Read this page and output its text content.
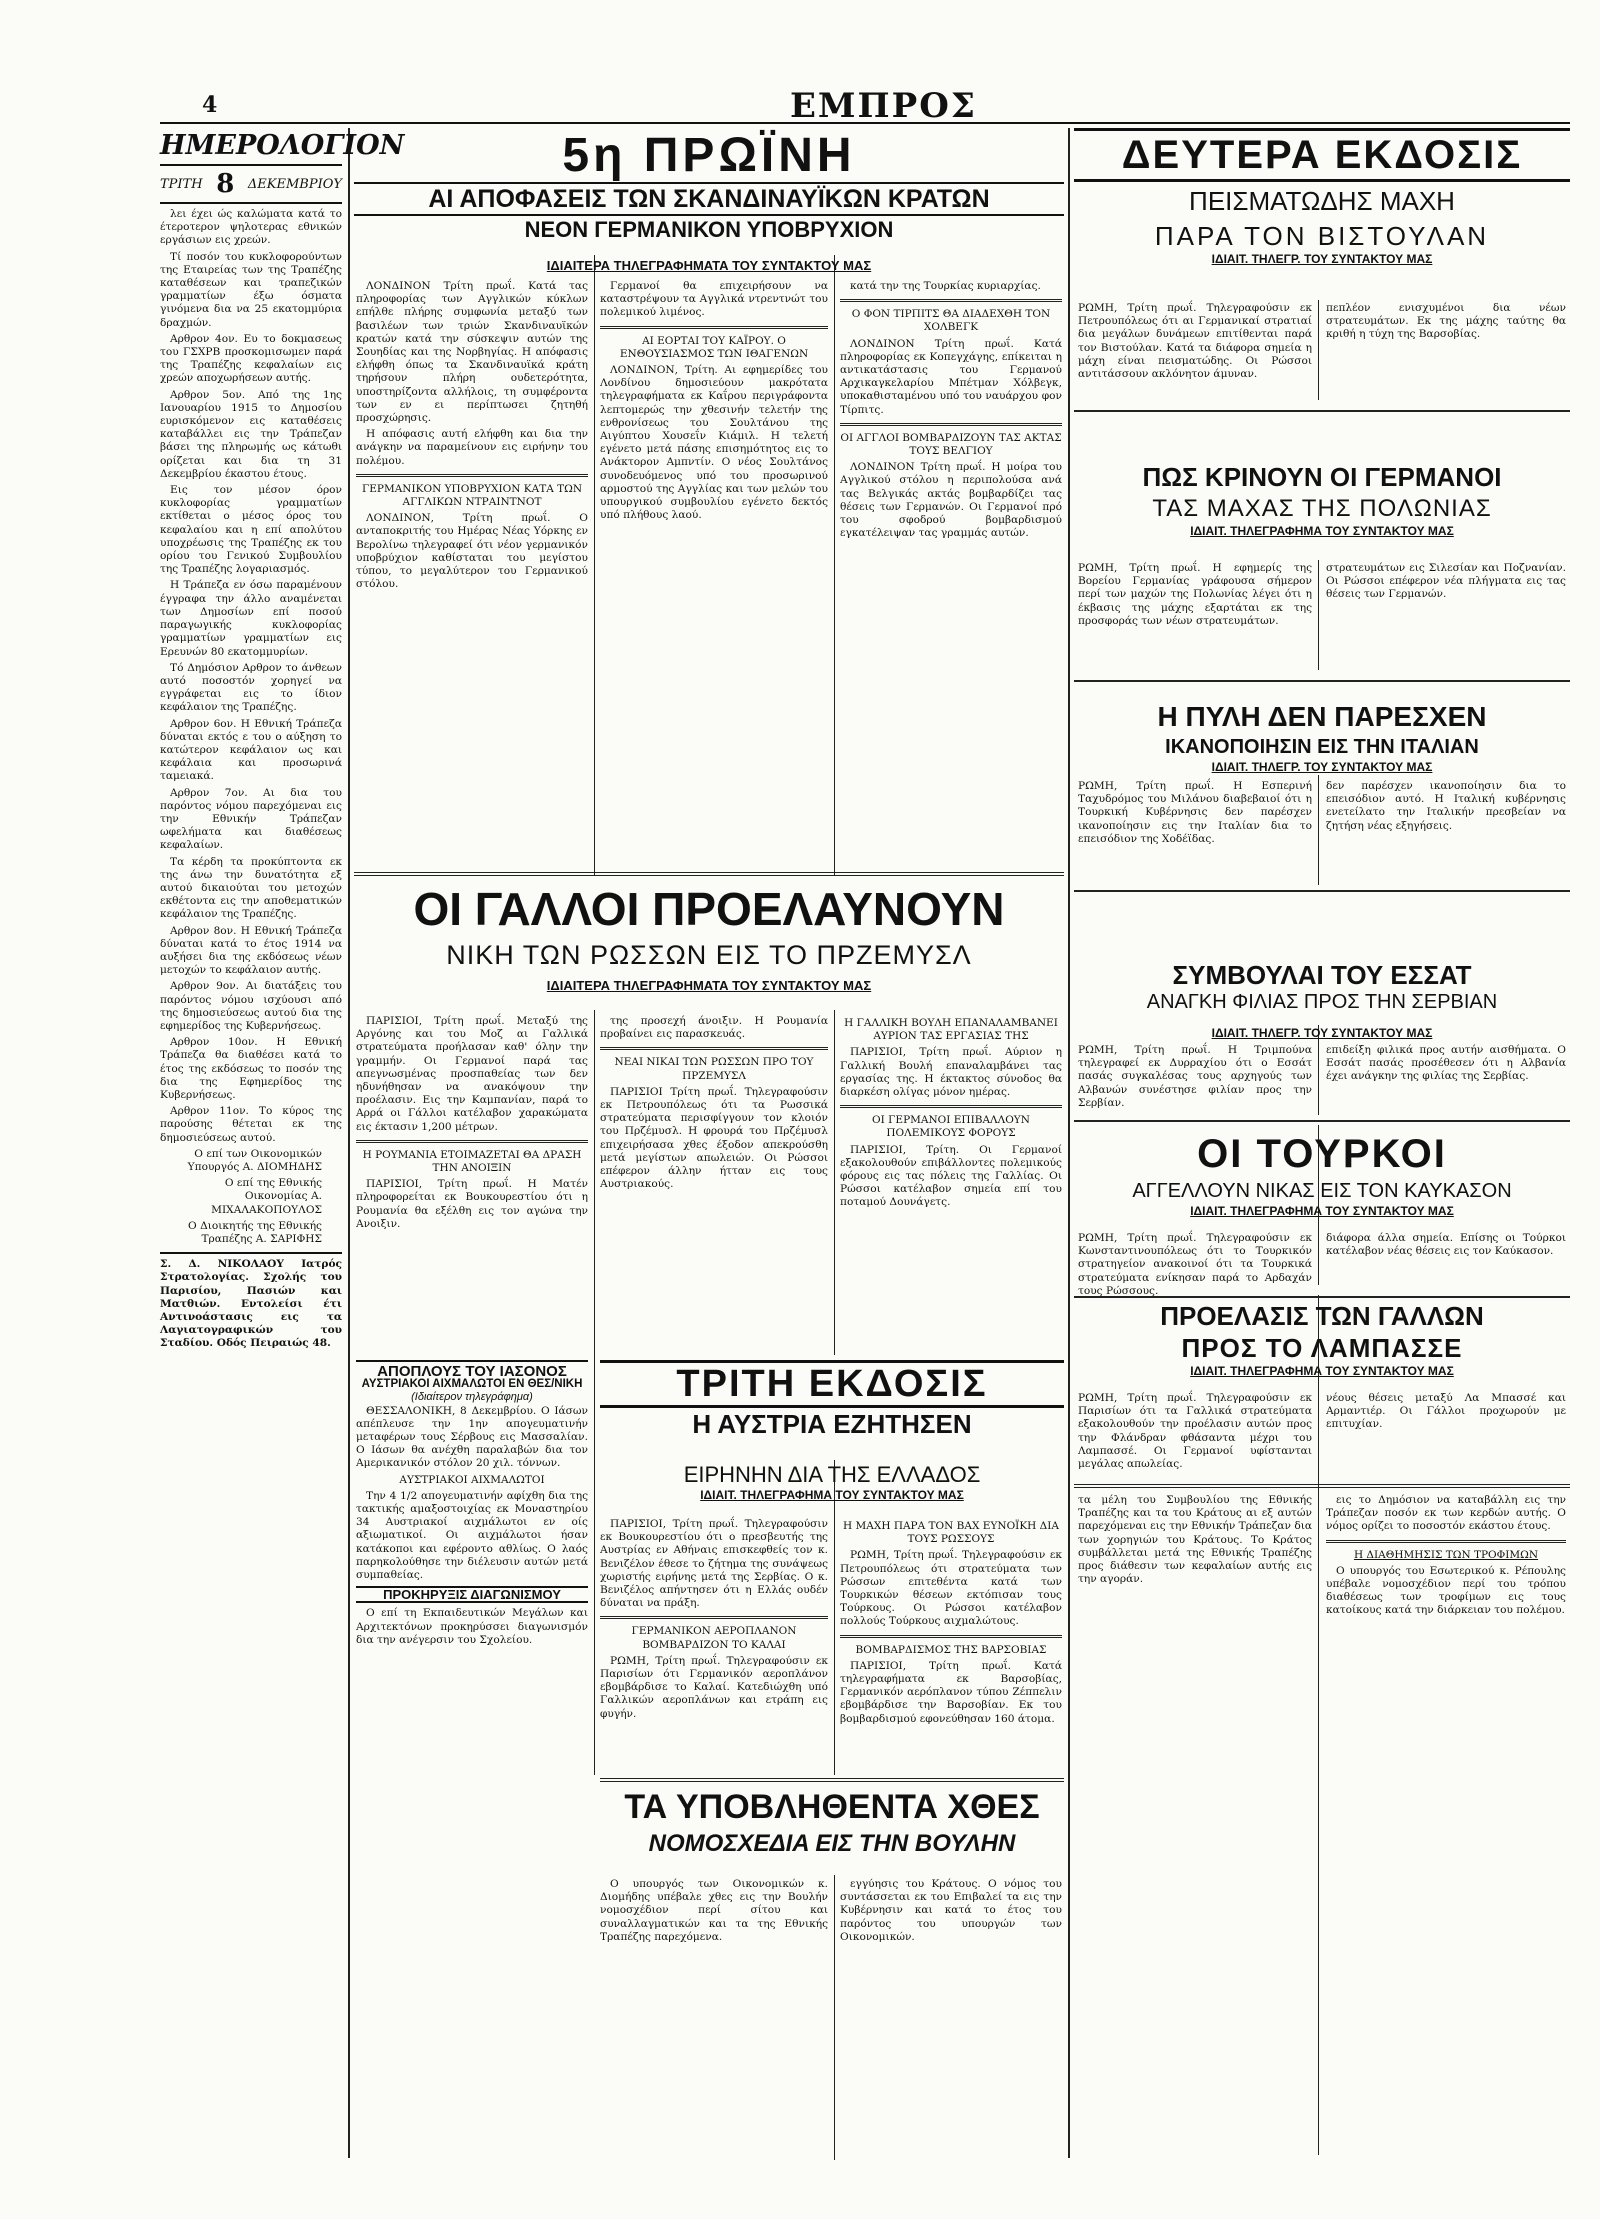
4	ΕΜΠΡΟΣ
ΗΜΕΡΟΛΟΓΙΟΝ
ΤΡΙΤΗ 8 ΔΕΚΕΜΒΡΙΟΥ

λει έχει ώς καλώματα κατά το έτεροτερον ψηλοτερας εθνικών εργάσιων εις χρεών.

Τί ποσόν του κυκλοφορούντων της Εταιρείας των της Τραπέζης καταθέσεων και τραπεζικών γραμματίων έξω όσματα γινόμενα δια να 25 εκατομμύρια δραχμών.

Αρθρον 4ον. Ευ το δοκμασεως του ΓΣΧΡΒ προσκομισωμεν παρά της Τραπέζης κεφαλαίων εις χρεών αποχωρήσεων αυτής.

Αρθρον 5ον. Από της 1ης Ιανουαρίου 1915 το Δημοσίου ευρισκόμενον εις καταθέσεις καταβάλλει εις την Τράπεζαν βάσει της πληρωμής ως κάτωθι ορίζεται και δια τη 31 Δεκεμβρίου έκαστου έτους.

Εις τον μέσον όρον κυκλοφορίας γραμματίων εκτίθεται ο μέσος όρος του κεφαλαίου και η επί απολύτου υποχρέωσις της Τραπέζης εκ του ορίου του Γενικού Συμβουλίου της Τραπέζης λογαριασμός.

Η Τράπεζα εν όσω παραμένουν έγγραφα την άλλο αναμένεται των Δημοσίων επί ποσού παραγωγικής κυκλοφορίας γραμματίων γραμματίων εις Ερευνών 80 εκατομμυρίων.

Τό Δημόσιον Αρθρον το άνθεων αυτό ποσοστόν χορηγεί να εγγράφεται εις το ίδιον κεφάλαιον της Τραπέζης.

Αρθρον 6ον. Η Εθνική Τράπεζα δύναται εκτός ε του ο αύξηση το κατώτερον κεφάλαιον ως και κεφάλαια και προσωρινά ταμειακά.

Αρθρον 7ον. Αι δια του παρόντος νόμου παρεχόμεναι εις την Εθνικήν Τράπεζαν ωφελήματα και διαθέσεως κεφαλαίων.

Τα κέρδη τα προκύπτοντα εκ της άνω την δυνατότητα εξ αυτού δικαιούται του μετοχών εκθέτοντα εις την αποθεματικών κεφάλαιον της Τραπέζης.

Αρθρον 8ον. Η Εθνική Τράπεζα δύναται κατά το έτος 1914 να αυξήσει δια της εκδόσεως νέων μετοχών το κεφάλαιον αυτής.

Αρθρον 9ον. Αι διατάξεις του παρόντος νόμου ισχύουσι από της δημοσιεύσεως αυτού δια της εφημερίδος της Κυβερνήσεως.

Αρθρον 10ον. Η Εθνική Τράπεζα θα διαθέσει κατά το έτος της εκδόσεως το ποσόν της δια της Εφημερίδος της Κυβερνήσεως.

Αρθρον 11ον. Το κύρος της παρούσης θέτεται εκ της δημοσιεύσεως αυτού.

Ο επί των Οικονομικών Υπουργός Α. ΔΙΟΜΗΔΗΣ

Ο επί της Εθνικής Οικονομίας Α. ΜΙΧΑΛΑΚΟΠΟΥΛΟΣ

Ο Διοικητής της Εθνικής Τραπέζης Α. ΣΑΡΙΦΗΣ

Σ. Δ. ΝΙΚΟΛΑΟΥ Ιατρός Στρατολογίας. Σχολής του Παρισίου, Πασιών και Ματθιών. Εντολείσι έτι Αντινοάστασις εις τα Λαγιατογραφικών του Σταδίου. Οδός Πειραιώς 48.
5η ΠΡΩΪΝΗ
ΑΙ ΑΠΟΦΑΣΕΙΣ ΤΩΝ ΣΚΑΝΔΙΝΑΥΪΚΩΝ ΚΡΑΤΩΝ
ΝΕΟΝ ΓΕΡΜΑΝΙΚΟΝ ΥΠΟΒΡΥΧΙΟΝ
ΙΔΙΑΙΤΕΡΑ ΤΗΛΕΓΡΑΦΗΜΑΤΑ ΤΟΥ ΣΥΝΤΑΚΤΟΥ ΜΑΣ

ΛΟΝΔΙΝΟΝ Τρίτη πρωΐ. Κατά τας πληροφορίας των Αγγλικών κύκλων επήλθε πλήρης συμφωνία μεταξύ των βασιλέων των τριών Σκανδιναυϊκών κρατών κατά την σύσκεψιν αυτών της Σουηδίας και της Νορβηγίας. Η απόφασις ελήφθη όπως τα Σκανδιναυϊκά κράτη τηρήσουν πλήρη ουδετερότητα, υποστηρίζοντα αλλήλοις, τη συμφέροντα των εν ει περίπτωσει ζητηθή προσχώρησις.

Η απόφασις αυτή ελήφθη και δια την ανάγκην να παραμείνουν εις ειρήνην του πολέμου.

ΓΕΡΜΑΝΙΚΟΝ ΥΠΟΒΡΥΧΙΟΝ ΚΑΤΑ ΤΩΝ ΑΓΓΛΙΚΩΝ ΝΤΡΑΙΝΤΝΟΤ

ΛΟΝΔΙΝΟΝ, Τρίτη πρωΐ. Ο ανταποκριτής του Ημέρας Νέας Υόρκης εν Βερολίνω τηλεγραφεί ότι νέον γερμανικόν υποβρύχιον καθίσταται του μεγίστου τύπου, το μεγαλύτερον του Γερμανικού στόλου.

Γερμανοί θα επιχειρήσουν να καταστρέψουν τα Αγγλικά ντρεντνώτ του πολεμικού λιμένος.

ΑΙ ΕΟΡΤΑΙ ΤΟΥ ΚΑΪΡΟΥ. Ο ΕΝΘΟΥΣΙΑΣΜΟΣ ΤΩΝ ΙΘΑΓΕΝΩΝ

ΛΟΝΔΙΝΟΝ, Τρίτη. Αι εφημερίδες του Λονδίνου δημοσιεύουν μακρότατα τηλεγραφήματα εκ Καΐρου περιγράφοντα λεπτομερώς την χθεσινήν τελετήν της ενθρονίσεως του Σουλτάνου της Αιγύπτου Χουσεΐν Κιάμιλ. Η τελετή εγένετο μετά πάσης επισημότητος εις το Ανάκτορον Αμπντίν. Ο νέος Σουλτάνος συνοδευόμενος υπό του προσωρινού αρμοστού της Αγγλίας και των μελών του υπουργικού συμβουλίου εγένετο δεκτός υπό πλήθους λαού.

κατά την της Τουρκίας κυριαρχίας.

Ο ΦΟΝ ΤΙΡΠΙΤΣ ΘΑ ΔΙΑΔΕΧΘΗ ΤΟΝ ΧΟΛΒΕΓΚ

ΛΟΝΔΙΝΟΝ Τρίτη πρωΐ. Κατά πληροφορίας εκ Κοπεγχάγης, επίκειται η αντικατάστασις του Γερμανού Αρχικαγκελαρίου Μπέτμαν Χόλβεγκ, υποκαθισταμένου υπό του ναυάρχου φον Τίρπιτς.

ΟΙ ΑΓΓΛΟΙ ΒΟΜΒΑΡΔΙΖΟΥΝ ΤΑΣ ΑΚΤΑΣ ΤΟΥΣ ΒΕΛΓΙΟΥ

ΛΟΝΔΙΝΟΝ Τρίτη πρωΐ. Η μοίρα του Αγγλικού στόλου η περιπολούσα ανά τας Βελγικάς ακτάς βομβαρδίζει τας θέσεις των Γερμανών. Οι Γερμανοί πρό του σφοδρού βομβαρδισμού εγκατέλειψαν τας γραμμάς αυτών.

ΟΙ ΓΑΛΛΟΙ ΠΡΟΕΛΑΥΝΟΥΝ
ΝΙΚΗ ΤΩΝ ΡΩΣΣΩΝ ΕΙΣ ΤΟ ΠΡΖΕΜΥΣΛ
ΙΔΙΑΙΤΕΡΑ ΤΗΛΕΓΡΑΦΗΜΑΤΑ ΤΟΥ ΣΥΝΤΑΚΤΟΥ ΜΑΣ

ΠΑΡΙΣΙΟΙ, Τρίτη πρωΐ. Μεταξύ της Αργόνης και του Μοζ αι Γαλλικά στρατεύματα προήλασαν καθ' όλην την γραμμήν. Οι Γερμανοί παρά τας απεγνωσμένας προσπαθείας των δεν ηδυνήθησαν να ανακόψουν την προέλασιν. Εις την Καμπανίαν, παρά το Αρρά οι Γάλλοι κατέλαβον χαρακώματα εις έκτασιν 1,200 μέτρων.

Η ΡΟΥΜΑΝΙΑ ΕΤΟΙΜΑΖΕΤΑΙ ΘΑ ΔΡΑΣΗ ΤΗΝ ΑΝΟΙΞΙΝ

ΠΑΡΙΣΙΟΙ, Τρίτη πρωΐ. Η Ματέν πληροφορείται εκ Βουκουρεστίου ότι η Ρουμανία θα εξέλθη εις τον αγώνα την Ανοιξιν.

της προσεχή άνοιξιν. Η Ρουμανία προβαίνει εις παρασκευάς.

ΝΕΑΙ ΝΙΚΑΙ ΤΩΝ ΡΩΣΣΩΝ ΠΡΟ ΤΟΥ ΠΡΖΕΜΥΣΛ

ΠΑΡΙΣΙΟΙ Τρίτη πρωΐ. Τηλεγραφούσιν εκ Πετρουπόλεως ότι τα Ρωσσικά στρατεύματα περισφίγγουν τον κλοιόν του Πρζέμυσλ. Η φρουρά του Πρζέμυσλ επιχειρήσασα χθες έξοδον απεκρούσθη μετά μεγίστων απωλειών. Οι Ρώσσοι επέφερον άλλην ήτταν εις τους Αυστριακούς.

Η ΓΑΛΛΙΚΗ ΒΟΥΛΗ ΕΠΑΝΑΛΑΜΒΑΝΕΙ ΑΥΡΙΟΝ ΤΑΣ ΕΡΓΑΣΙΑΣ ΤΗΣ

ΠΑΡΙΣΙΟΙ, Τρίτη πρωΐ. Αύριον η Γαλλική Βουλή επαναλαμβάνει τας εργασίας της. Η έκτακτος σύνοδος θα διαρκέση ολίγας μόνον ημέρας.

ΟΙ ΓΕΡΜΑΝΟΙ ΕΠΙΒΑΛΛΟΥΝ ΠΟΛΕΜΙΚΟΥΣ ΦΟΡΟΥΣ

ΠΑΡΙΣΙΟΙ, Τρίτη. Οι Γερμανοί εξακολουθούν επιβάλλοντες πολεμικούς φόρους εις τας πόλεις της Γαλλίας. Οι Ρώσσοι κατέλαβον σημεία επί του ποταμού Δουνάγετς.

ΑΠΟΠΛΟΥΣ ΤΟΥ ΙΑΣΟΝΟΣ
ΑΥΣΤΡΙΑΚΟΙ ΑΙΧΜΑΛΩΤΟΙ ΕΝ ΘΕΣ/ΝΙΚΗ
(Ιδιαίτερον τηλεγράφημα)

ΘΕΣΣΑΛΟΝΙΚΗ, 8 Δεκεμβρίου. Ο Ιάσων απέπλευσε την 1ην απογευματινήν μεταφέρων τους Σέρβους εις Μασσαλίαν. Ο Ιάσων θα ανέχθη παραλαβών δια τον Αμερικανικόν στόλον 20 χιλ. τόννων.

ΑΥΣΤΡΙΑΚΟΙ ΑΙΧΜΑΛΩΤΟΙ

Την 4 1/2 απογευματινήν αφίχθη δια της τακτικής αμαξοστοιχίας εκ Μοναστηρίου 34 Αυστριακοί αιχμάλωτοι εν οίς αξιωματικοί. Οι αιχμάλωτοι ήσαν κατάκοποι και εφέροντο αθλίως. Ο λαός παρηκολούθησε την διέλευσιν αυτών μετά συμπαθείας.

ΠΡΟΚΗΡΥΞΙΣ ΔΙΑΓΩΝΙΣΜΟΥ

Ο επί τη Εκπαιδευτικών Μεγάλων και Αρχιτεκτόνων προκηρύσσει διαγωνισμόν δια την ανέγερσιν του Σχολείου.

ΤΡΙΤΗ ΕΚΔΟΣΙΣ
Η ΑΥΣΤΡΙΑ ΕΖΗΤΗΣΕΝ
ΕΙΡΗΝΗΝ ΔΙΑ ΤΗΣ ΕΛΛΑΔΟΣ
ΙΔΙΑΙΤ. ΤΗΛΕΓΡΑΦΗΜΑ ΤΟΥ ΣΥΝΤΑΚΤΟΥ ΜΑΣ

ΠΑΡΙΣΙΟΙ, Τρίτη πρωΐ. Τηλεγραφούσιν εκ Βουκουρεστίου ότι ο πρεσβευτής της Αυστρίας εν Αθήναις επισκεφθείς τον κ. Βενιζέλον έθεσε το ζήτημα της συνάψεως χωριστής ειρήνης μετά της Σερβίας. Ο κ. Βενιζέλος απήντησεν ότι η Ελλάς ουδέν δύναται να πράξη.

ΓΕΡΜΑΝΙΚΟΝ ΑΕΡΟΠΛΑΝΟΝ ΒΟΜΒΑΡΔΙΖΟΝ ΤΟ ΚΑΛΑΙ

ΡΩΜΗ, Τρίτη πρωΐ. Τηλεγραφούσιν εκ Παρισίων ότι Γερμανικόν αεροπλάνον εβομβάρδισε το Καλαί. Κατεδιώχθη υπό Γαλλικών αεροπλάνων και ετράπη εις φυγήν.

Η ΜΑΧΗ ΠΑΡΑ ΤΟΝ ΒΑΧ ΕΥΝΟΪΚΗ ΔΙΑ ΤΟΥΣ ΡΩΣΣΟΥΣ

ΡΩΜΗ, Τρίτη πρωΐ. Τηλεγραφούσιν εκ Πετρουπόλεως ότι στρατεύματα των Ρώσσων επιτεθέντα κατά των Τουρκικών θέσεων εκτόπισαν τους Τούρκους. Οι Ρώσσοι κατέλαβον πολλούς Τούρκους αιχμαλώτους.

ΒΟΜΒΑΡΔΙΣΜΟΣ ΤΗΣ ΒΑΡΣΟΒΙΑΣ

ΠΑΡΙΣΙΟΙ, Τρίτη πρωΐ. Κατά τηλεγραφήματα εκ Βαρσοβίας, Γερμανικόν αερόπλανον τύπου Ζέππελιν εβομβάρδισε την Βαρσοβίαν. Εκ του βομβαρδισμού εφονεύθησαν 160 άτομα.

ΤΑ ΥΠΟΒΛΗΘΕΝΤΑ ΧΘΕΣ
ΝΟΜΟΣΧΕΔΙΑ ΕΙΣ ΤΗΝ ΒΟΥΛΗΝ

Ο υπουργός των Οικονομικών κ. Διομήδης υπέβαλε χθες εις την Βουλήν νομοσχέδιον περί σίτου και συναλλαγματικών και τα της Εθνικής Τραπέζης παρεχόμενα.

εγγύησις του Κράτους. Ο νόμος του συντάσσεται εκ του Επιβαλεί τα εις την Κυβέρνησιν και κατά το έτος του παρόντος του υπουργών των Οικονομικών.

ΔΕΥΤΕΡΑ ΕΚΔΟΣΙΣ
ΠΕΙΣΜΑΤΩΔΗΣ ΜΑΧΗ
ΠΑΡΑ ΤΟΝ ΒΙΣΤΟΥΛΑΝ
ΙΔΙΑΙΤ. ΤΗΛΕΓΡ. ΤΟΥ ΣΥΝΤΑΚΤΟΥ ΜΑΣ
ΡΩΜΗ, Τρίτη πρωΐ. Τηλεγραφούσιν εκ Πετρουπόλεως ότι αι Γερμανικαί στρατιαί δια μεγάλων δυνάμεων επιτίθενται παρά τον Βιστούλαν. Κατά τα διάφορα σημεία η μάχη είναι πεισματώδης. Οι Ρώσσοι αντιτάσσουν ακλόνητον άμυναν.
πεπλέον ενισχυμένοι δια νέων στρατευμάτων. Εκ της μάχης ταύτης θα κριθή η τύχη της Βαρσοβίας.
ΠΩΣ ΚΡΙΝΟΥΝ ΟΙ ΓΕΡΜΑΝΟΙ
ΤΑΣ ΜΑΧΑΣ ΤΗΣ ΠΟΛΩΝΙΑΣ
ΙΔΙΑΙΤ. ΤΗΛΕΓΡΑΦΗΜΑ ΤΟΥ ΣΥΝΤΑΚΤΟΥ ΜΑΣ
ΡΩΜΗ, Τρίτη πρωΐ. Η εφημερίς της Βορείου Γερμανίας γράφουσα σήμερον περί των μαχών της Πολωνίας λέγει ότι η έκβασις της μάχης εξαρτάται εκ της προσφοράς των νέων στρατευμάτων.
στρατευμάτων εις Σιλεσίαν και Ποζνανίαν. Οι Ρώσσοι επέφερον νέα πλήγματα εις τας θέσεις των Γερμανών.
Η ΠΥΛΗ ΔΕΝ ΠΑΡΕΣΧΕΝ
ΙΚΑΝΟΠΟΙΗΣΙΝ ΕΙΣ ΤΗΝ ΙΤΑΛΙΑΝ
ΙΔΙΑΙΤ. ΤΗΛΕΓΡ. ΤΟΥ ΣΥΝΤΑΚΤΟΥ ΜΑΣ
ΡΩΜΗ, Τρίτη πρωΐ. Η Εσπερινή Ταχυδρόμος του Μιλάνου διαβεβαιοί ότι η Τουρκική Κυβέρνησις δεν παρέσχεν ικανοποίησιν εις την Ιταλίαν δια το επεισόδιον της Χοδέϊδας.
δεν παρέσχεν ικανοποίησιν δια το επεισόδιον αυτό. Η Ιταλική κυβέρνησις ενετείλατο την Ιταλικήν πρεσβείαν να ζητήση νέας εξηγήσεις.
ΣΥΜΒΟΥΛΑΙ ΤΟΥ ΕΣΣΑΤ
ΑΝΑΓΚΗ ΦΙΛΙΑΣ ΠΡΟΣ ΤΗΝ ΣΕΡΒΙΑΝ
ΙΔΙΑΙΤ. ΤΗΛΕΓΡ. ΤΟΥ ΣΥΝΤΑΚΤΟΥ ΜΑΣ
ΡΩΜΗ, Τρίτη πρωΐ. Η Τριμπούνα τηλεγραφεί εκ Δυρραχίου ότι ο Εσσάτ πασάς συγκαλέσας τους αρχηγούς των Αλβανών συνέστησε φιλίαν προς την Σερβίαν.
επιδείξη φιλικά προς αυτήν αισθήματα. Ο Εσσάτ πασάς προσέθεσεν ότι η Αλβανία έχει ανάγκην της φιλίας της Σερβίας.
ΟΙ ΤΟΥΡΚΟΙ
ΑΓΓΕΛΛΟΥΝ ΝΙΚΑΣ ΕΙΣ ΤΟΝ ΚΑΥΚΑΣΟΝ
ΙΔΙΑΙΤ. ΤΗΛΕΓΡΑΦΗΜΑ ΤΟΥ ΣΥΝΤΑΚΤΟΥ ΜΑΣ
ΡΩΜΗ, Τρίτη πρωΐ. Τηλεγραφούσιν εκ Κωνσταντινουπόλεως ότι το Τουρκικόν στρατηγείον ανακοινοί ότι τα Τουρκικά στρατεύματα ενίκησαν παρά το Αρδαχάν τους Ρώσσους.
διάφορα άλλα σημεία. Επίσης οι Τούρκοι κατέλαβον νέας θέσεις εις τον Καύκασον.
ΠΡΟΕΛΑΣΙΣ ΤΩΝ ΓΑΛΛΩΝ
ΠΡΟΣ ΤΟ ΛΑΜΠΑΣΣΕ
ΙΔΙΑΙΤ. ΤΗΛΕΓΡΑΦΗΜΑ ΤΟΥ ΣΥΝΤΑΚΤΟΥ ΜΑΣ
ΡΩΜΗ, Τρίτη πρωΐ. Τηλεγραφούσιν εκ Παρισίων ότι τα Γαλλικά στρατεύματα εξακολουθούν την προέλασιν αυτών προς την Φλάνδραν φθάσαντα μέχρι του Λαμπασσέ. Οι Γερμανοί υφίστανται μεγάλας απωλείας.
νέους θέσεις μεταξύ Λα Μπασσέ και Αρμαντιέρ. Οι Γάλλοι προχωρούν με επιτυχίαν.
τα μέλη του Συμβουλίου της Εθνικής Τραπέζης και τα του Κράτους αι εξ αυτών παρεχόμεναι εις την Εθνικήν Τράπεζαν δια των χορηγιών του Κράτους. Το Κράτος συμβάλλεται μετά της Εθνικής Τραπέζης προς διάθεσιν των κεφαλαίων αυτής εις την αγοράν.

εις το Δημόσιον να καταβάλλη εις την Τράπεζαν ποσόν εκ των κερδών αυτής. Ο νόμος ορίζει το ποσοστόν εκάστου έτους.

Η ΔΙΑΘΗΜΗΣΙΣ ΤΩΝ ΤΡΟΦΙΜΩΝ

Ο υπουργός του Εσωτερικού κ. Ρέπουλης υπέβαλε νομοσχέδιον περί του τρόπου διαθέσεως των τροφίμων εις τους κατοίκους κατά την διάρκειαν του πολέμου.
